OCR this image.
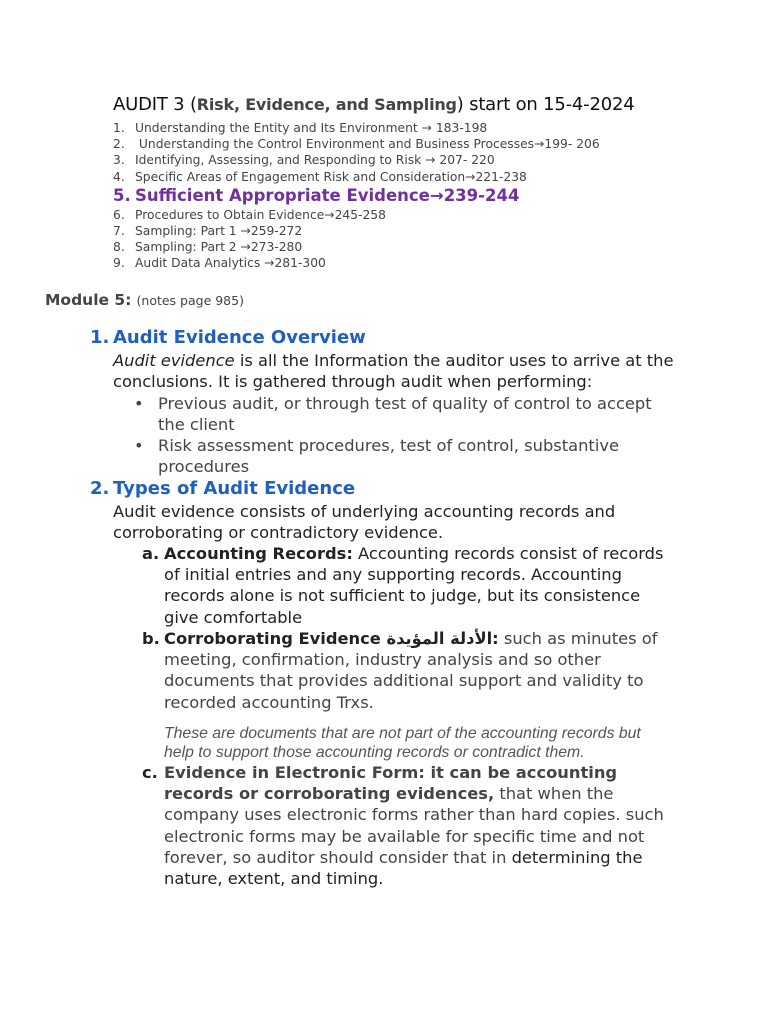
AUDIT 3 (Risk, Evidence, and Sampling) start on 15-4-2024
1. Understanding the Entity and Its Environment → 183-198
2. Understanding the Control Environment and Business Processes→199- 206
3. Identifying, Assessing, and Responding to Risk → 207- 220
4. Specific Areas of Engagement Risk and Consideration→221-238
5. Sufficient Appropriate Evidence→239-244
6. Procedures to Obtain Evidence→245-258
7. Sampling: Part 1 →259-272
8. Sampling: Part 2 →273-280
9. Audit Data Analytics →281-300
Module 5: (notes page 985)
1. Audit Evidence Overview
Audit evidence is all the Information the auditor uses to arrive at the conclusions. It is gathered through audit when performing:
• Previous audit, or through test of quality of control to accept the client
• Risk assessment procedures, test of control, substantive procedures
2. Types of Audit Evidence
Audit evidence consists of underlying accounting records and corroborating or contradictory evidence.
a. Accounting Records: Accounting records consist of records of initial entries and any supporting records. Accounting records alone is not sufficient to judge, but its consistence give comfortable
b. Corroborating Evidence الأدلة المؤيدة: such as minutes of meeting, confirmation, industry analysis and so other documents that provides additional support and validity to recorded accounting Trxs.
These are documents that are not part of the accounting records but help to support those accounting records or contradict them.
c. Evidence in Electronic Form: it can be accounting records or corroborating evidences, that when the company uses electronic forms rather than hard copies. such electronic forms may be available for specific time and not forever, so auditor should consider that in determining the nature, extent, and timing.
